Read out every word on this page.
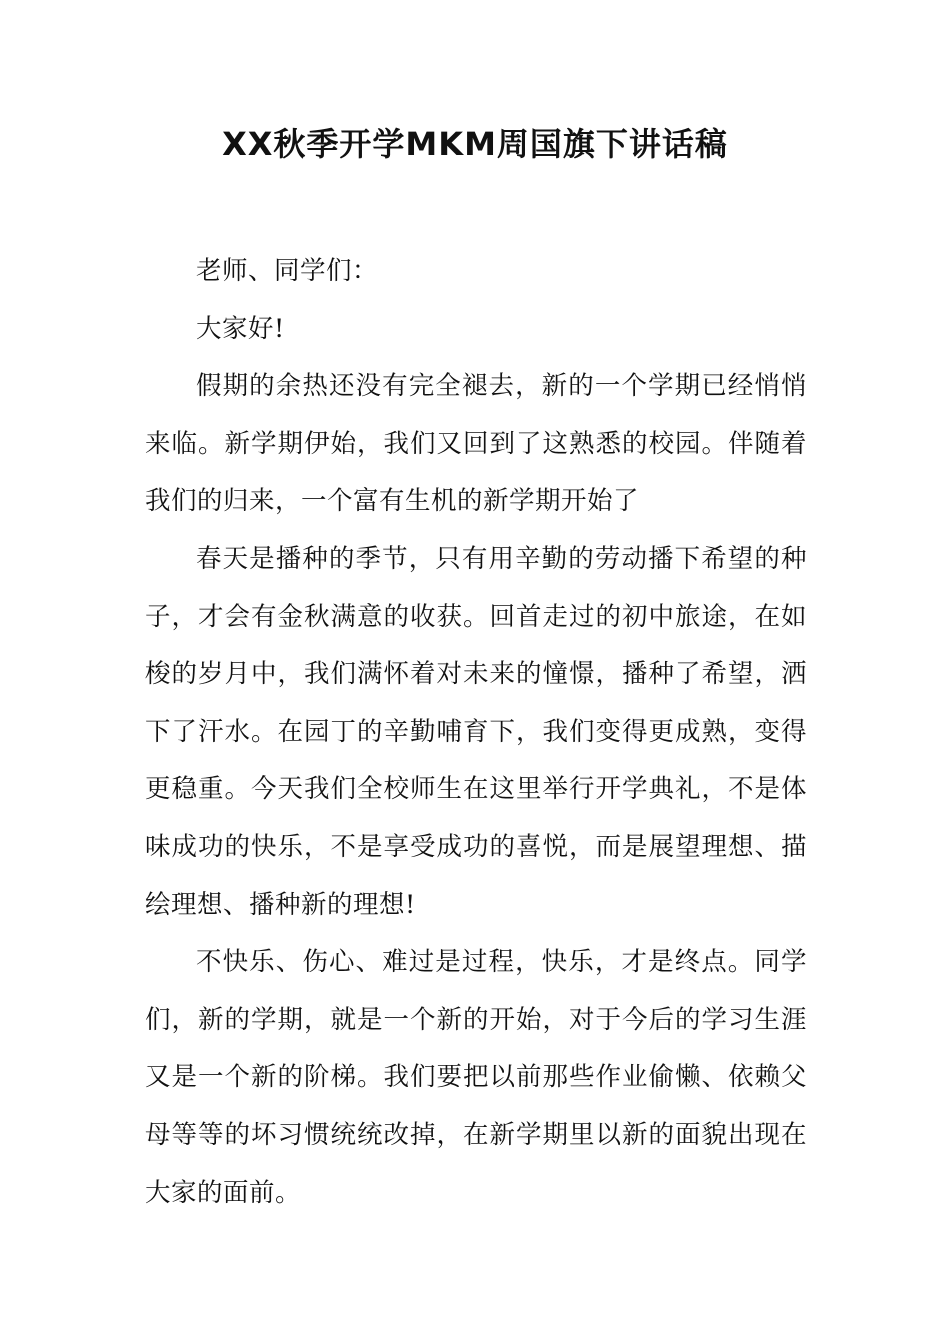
XX秋季开学MKM周国旗下讲话稿

老师、同学们：

大家好!

假期的余热还没有完全褪去，新的一个学期已经悄悄来临。新学期伊始，我们又回到了这熟悉的校园。伴随着我们的归来，一个富有生机的新学期开始了

春天是播种的季节，只有用辛勤的劳动播下希望的种子，才会有金秋满意的收获。回首走过的初中旅途，在如梭的岁月中，我们满怀着对未来的憧憬，播种了希望，洒下了汗水。在园丁的辛勤哺育下，我们变得更成熟，变得更稳重。今天我们全校师生在这里举行开学典礼，不是体味成功的快乐，不是享受成功的喜悦，而是展望理想、描绘理想、播种新的理想!

不快乐、伤心、难过是过程，快乐，才是终点。同学们，新的学期，就是一个新的开始，对于今后的学习生涯又是一个新的阶梯。我们要把以前那些作业偷懒、依赖父母等等的坏习惯统统改掉，在新学期里以新的面貌出现在大家的面前。
